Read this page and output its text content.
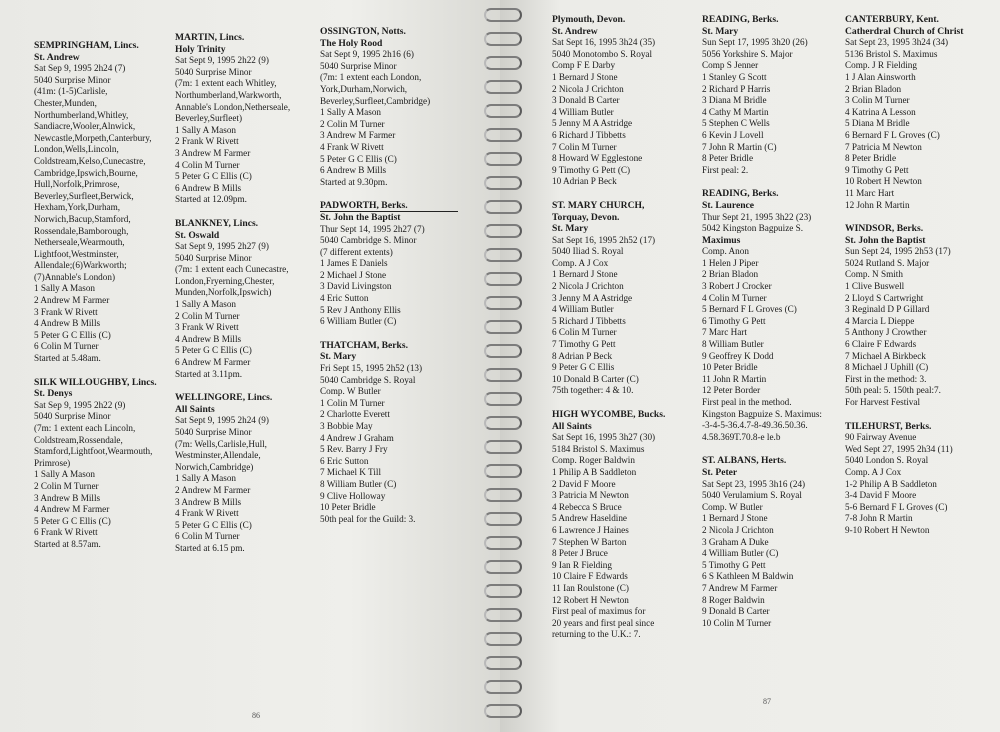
SEMPRINGHAM, Lincs.
St. Andrew
Sat Sep 9, 1995 2h24 (7)
5040 Surprise Minor
(41m: (1-5)Carlisle,
Chester,Munden,
Northumberland,Whitley,
Sandiacre,Wooler,Alnwick,
Newcastle,Morpeth,Canterbury,
London,Wells,Lincoln,
Coldstream,Kelso,Cunecastre,
Cambridge,Ipswich,Bourne,
Hull,Norfolk,Primrose,
Beverley,Surfleet,Berwick,
Hexham,York,Durham,
Norwich,Bacup,Stamford,
Rossendale,Bamborough,
Netherseale,Wearmouth,
Lightfoot,Westminster,
Allendale;(6)Warkworth;
(7)Annable's London)
1 Sally A Mason
2 Andrew M Farmer
3 Frank W Rivett
4 Andrew B Mills
5 Peter G C Ellis (C)
6 Colin M Turner
Started at 5.48am.
SILK WILLOUGHBY, Lincs.
St. Denys
Sat Sep 9, 1995 2h22 (9)
5040 Surprise Minor
(7m: 1 extent each Lincoln,
Coldstream,Rossendale,
Stamford,Lightfoot,Wearmouth,
Primrose)
1 Sally A Mason
2 Colin M Turner
3 Andrew B Mills
4 Andrew M Farmer
5 Peter G C Ellis (C)
6 Frank W Rivett
Started at 8.57am.
MARTIN, Lincs.
Holy Trinity
Sat Sept 9, 1995 2h22 (9)
5040 Surprise Minor
(7m: 1 extent each Whitley,
Northumberland,Warkworth,
Annable's London,Netherseale,
Beverley,Surfleet)
1 Sally A Mason
2 Frank W Rivett
3 Andrew M Farmer
4 Colin M Turner
5 Peter G C Ellis (C)
6 Andrew B Mills
Started at 12.09pm.
BLANKNEY, Lincs.
St. Oswald
Sat Sept 9, 1995 2h27 (9)
5040 Surprise Minor
(7m: 1 extent each Cunecastre,
London,Fryerning,Chester,
Munden,Norfolk,Ipswich)
1 Sally A Mason
2 Colin M Turner
3 Frank W Rivett
4 Andrew B Mills
5 Peter G C Ellis (C)
6 Andrew M Farmer
Started at 3.11pm.
WELLINGORE, Lincs.
All Saints
Sat Sept 9, 1995 2h24 (9)
5040 Surprise Minor
(7m: Wells,Carlisle,Hull,
Westminster,Allendale,
Norwich,Cambridge)
1 Sally A Mason
2 Andrew M Farmer
3 Andrew B Mills
4 Frank W Rivett
5 Peter G C Ellis (C)
6 Colin M Turner
Started at 6.15 pm.
OSSINGTON, Notts.
The Holy Rood
Sat Sept 9, 1995 2h16 (6)
5040 Surprise Minor
(7m: 1 extent each London,
York,Durham,Norwich,
Beverley,Surfleet,Cambridge)
1 Sally A Mason
2 Colin M Turner
3 Andrew M Farmer
4 Frank W Rivett
5 Peter G C Ellis (C)
6 Andrew B Mills
Started at 9.30pm.
PADWORTH, Berks.
St. John the Baptist
Thur Sept 14, 1995 2h27 (7)
5040 Cambridge S. Minor
(7 different extents)
1 James E Daniels
2 Michael J Stone
3 David Livingston
4 Eric Sutton
5 Rev J Anthony Ellis
6 William Butler (C)
THATCHAM, Berks.
St. Mary
Fri Sept 15, 1995 2h52 (13)
5040 Cambridge S. Royal
Comp. W Butler
1 Colin M Turner
2 Charlotte Everett
3 Bobbie May
4 Andrew J Graham
5 Rev. Barry J Fry
6 Eric Sutton
7 Michael K Till
8 William Butler (C)
9 Clive Holloway
10 Peter Bridle
50th peal for the Guild: 3.
Plymouth, Devon.
St. Andrew
Sat Sept 16, 1995 3h24 (35)
5040 Monotombo S. Royal
Comp F E Darby
1 Bernard J Stone
2 Nicola J Crichton
3 Donald B Carter
4 William Butler
5 Jenny M A Astridge
6 Richard J Tibbetts
7 Colin M Turner
8 Howard W Egglestone
9 Timothy G Pett (C)
10 Adrian P Beck
ST. MARY CHURCH,
Torquay, Devon.
St. Mary
Sat Sept 16, 1995 2h52 (17)
5040 Iliad S. Royal
Comp. A J Cox
1 Bernard J Stone
2 Nicola J Crichton
3 Jenny M A Astridge
4 William Butler
5 Richard J Tibbetts
6 Colin M Turner
7 Timothy G Pett
8 Adrian P Beck
9 Peter G C Ellis
10 Donald B Carter (C)
75th together: 4 & 10.
HIGH WYCOMBE, Bucks.
All Saints
Sat Sept 16, 1995 3h27 (30)
5184 Bristol S. Maximus
Comp. Roger Baldwin
1 Philip A B Saddleton
2 David F Moore
3 Patricia M Newton
4 Rebecca S Bruce
5 Andrew Haseldine
6 Lawrence J Haines
7 Stephen W Barton
8 Peter J Bruce
9 Ian R Fielding
10 Claire F Edwards
11 Ian Roulstone (C)
12 Robert H Newton
First peal of maximus for
20 years and first peal since
returning to the U.K.: 7.
READING, Berks.
St. Mary
Sun Sept 17, 1995 3h20 (26)
5056 Yorkshire S. Major
Comp S Jenner
1 Stanley G Scott
2 Richard P Harris
3 Diana M Bridle
4 Cathy M Martin
5 Stephen C Wells
6 Kevin J Lovell
7 John R Martin (C)
8 Peter Bridle
First peal: 2.
READING, Berks.
St. Laurence
Thur Sept 21, 1995 3h22 (23)
5042 Kingston Bagpuize S.
Maximus
Comp. Anon
1 Helen J Piper
2 Brian Bladon
3 Robert J Crocker
4 Colin M Turner
5 Bernard F L Groves (C)
6 Timothy G Pett
7 Marc Hart
8 William Butler
9 Geoffrey K Dodd
10 Peter Bridle
11 John R Martin
12 Peter Border
First peal in the method.
Kingston Bagpuize S. Maximus:
-3-4-5-36.4.7-8-49.36.50.36.
4.58.369T.70.8-e le.b
ST. ALBANS, Herts.
St. Peter
Sat Sept 23, 1995 3h16 (24)
5040 Verulamium S. Royal
Comp. W Butler
1 Bernard J Stone
2 Nicola J Crichton
3 Graham A Duke
4 William Butler (C)
5 Timothy G Pett
6 S Kathleen M Baldwin
7 Andrew M Farmer
8 Roger Baldwin
9 Donald B Carter
10 Colin M Turner
CANTERBURY, Kent.
Catherdral Church of Christ
Sat Sept 23, 1995 3h24 (34)
5136 Bristol S. Maximus
Comp. J R Fielding
1 J Alan Ainsworth
2 Brian Bladon
3 Colin M Turner
4 Katrina A Lesson
5 Diana M Bridle
6 Bernard F L Groves (C)
7 Patricia M Newton
8 Peter Bridle
9 Timothy G Pett
10 Robert H Newton
11 Marc Hart
12 John R Martin
WINDSOR, Berks.
St. John the Baptist
Sun Sept 24, 1995 2h53 (17)
5024 Rutland S. Major
Comp. N Smith
1 Clive Buswell
2 Lloyd S Cartwright
3 Reginald D P Gillard
4 Marcia L Dieppe
5 Anthony J Crowther
6 Claire F Edwards
7 Michael A Birkbeck
8 Michael J Uphill (C)
First in the method: 3.
50th peal: 5. 150th peal:7.
For Harvest Festival
TILEHURST, Berks.
90 Fairway Avenue
Wed Sept 27, 1995 2h34 (11)
5040 London S. Royal
Comp. A J Cox
1-2 Philip A B Saddleton
3-4 David F Moore
5-6 Bernard F L Groves (C)
7-8 John R Martin
9-10 Robert H Newton
86
87
